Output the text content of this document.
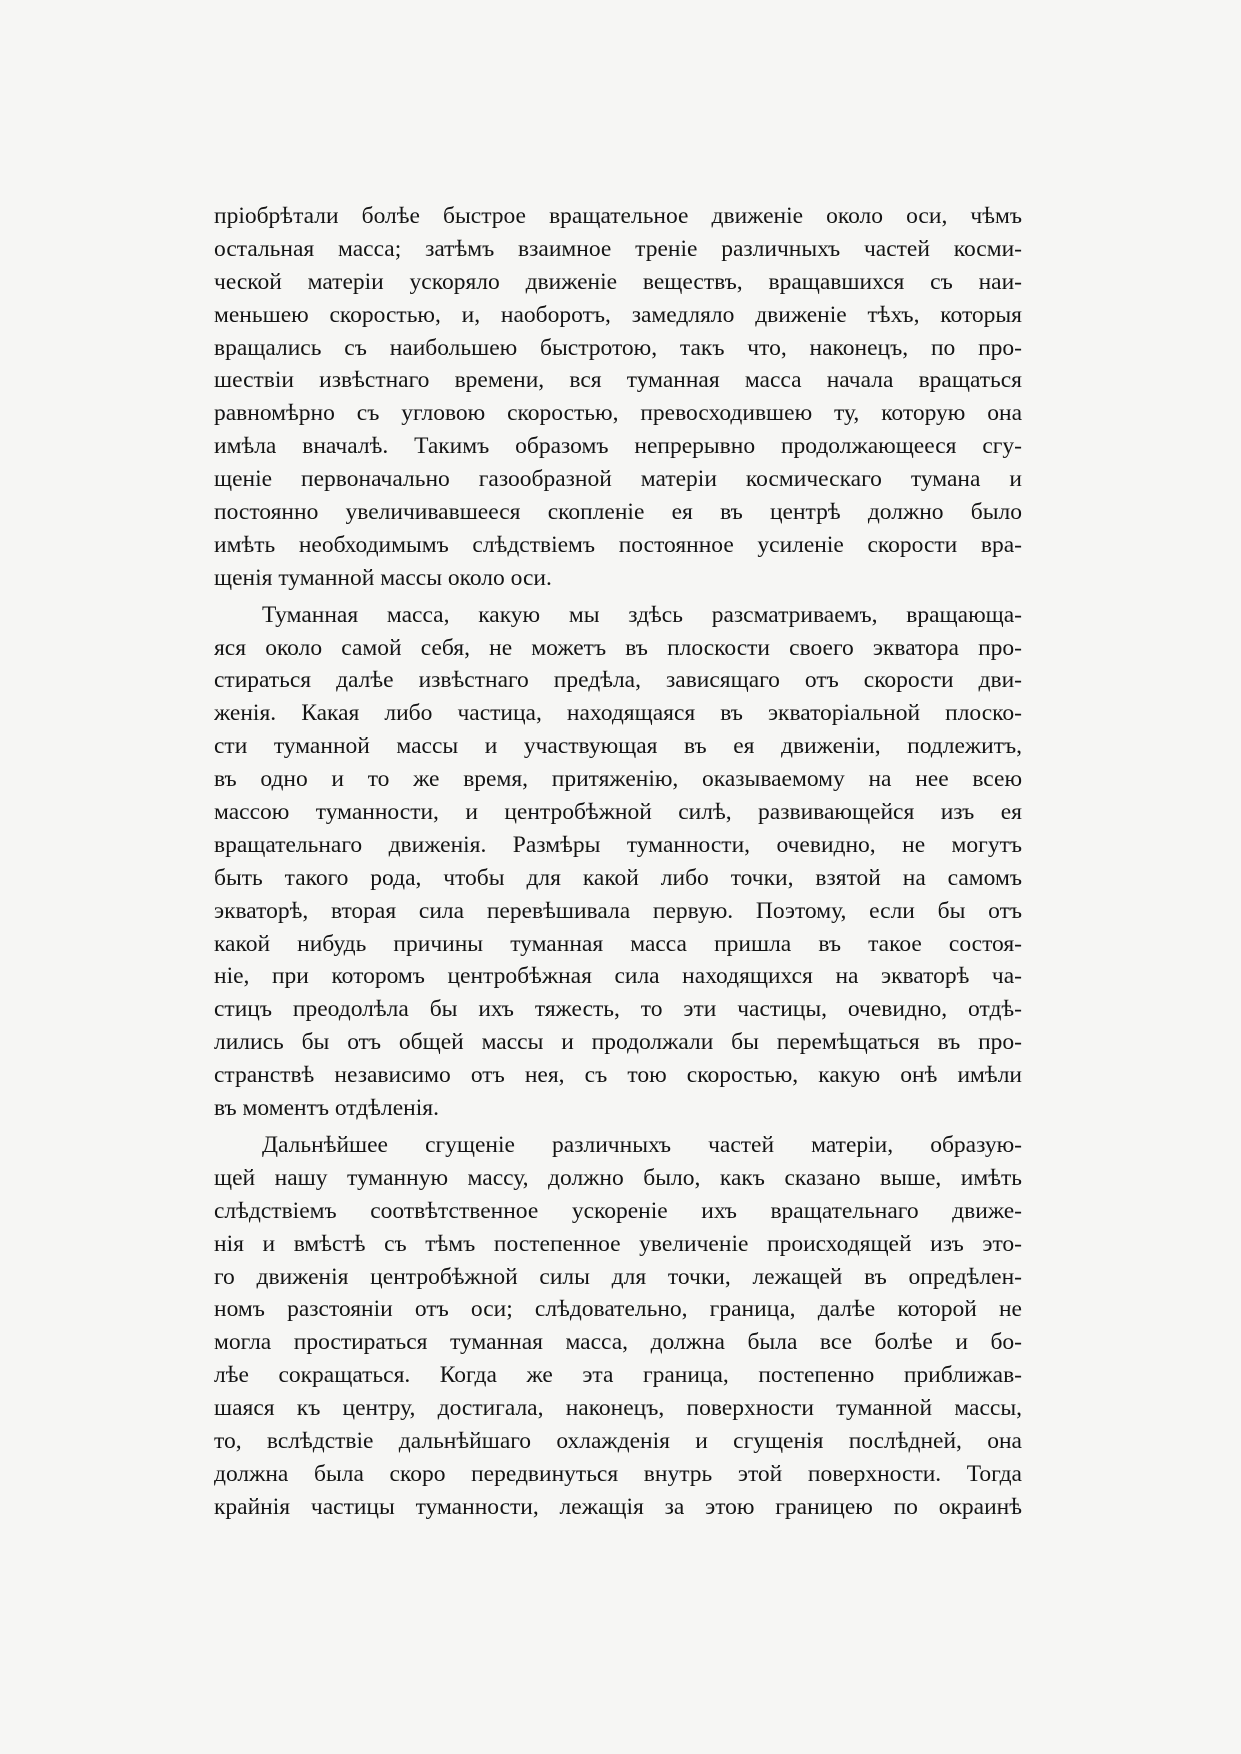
пріобрѣтали болѣе быстрое вращательное движеніе около оси, чѣмъ
остальная масса; затѣмъ взаимное треніе различныхъ частей косми-
ческой матеріи ускоряло движеніе веществъ, вращавшихся съ наи-
меньшею скоростью, и, наоборотъ, замедляло движеніе тѣхъ, которыя
вращались съ наибольшею быстротою, такъ что, наконецъ, по про-
шествіи извѣстнаго времени, вся туманная масса начала вращаться
равномѣрно съ угловою скоростью, превосходившею ту, которую она
имѣла вначалѣ. Такимъ образомъ непрерывно продолжающееся сгу-
щеніе первоначально газообразной матеріи космическаго тумана и
постоянно увеличивавшееся скопленіе ея въ центрѣ должно было
имѣть необходимымъ слѣдствіемъ постоянное усиленіе скорости вра-
щенія туманной массы около оси.
Туманная масса, какую мы здѣсь разсматриваемъ, вращающа-
яся около самой себя, не можетъ въ плоскости своего экватора про-
стираться далѣе извѣстнаго предѣла, зависящаго отъ скорости дви-
женія. Какая либо частица, находящаяся въ экваторіальной плоско-
сти туманной массы и участвующая въ ея движеніи, подлежитъ,
въ одно и то же время, притяженію, оказываемому на нее всею
массою туманности, и центробѣжной силѣ, развивающейся изъ ея
вращательнаго движенія. Размѣры туманности, очевидно, не могутъ
быть такого рода, чтобы для какой либо точки, взятой на самомъ
экваторѣ, вторая сила перевѣшивала первую. Поэтому, если бы отъ
какой нибудь причины туманная масса пришла въ такое состоя-
ніе, при которомъ центробѣжная сила находящихся на экваторѣ ча-
стицъ преодолѣла бы ихъ тяжесть, то эти частицы, очевидно, отдѣ-
лились бы отъ общей массы и продолжали бы перемѣщаться въ про-
странствѣ независимо отъ нея, съ тою скоростью, какую онѣ имѣли
въ моментъ отдѣленія.
Дальнѣйшее сгущеніе различныхъ частей матеріи, образую-
щей нашу туманную массу, должно было, какъ сказано выше, имѣть
слѣдствіемъ соотвѣтственное ускореніе ихъ вращательнаго движе-
нія и вмѣстѣ съ тѣмъ постепенное увеличеніе происходящей изъ это-
го движенія центробѣжной силы для точки, лежащей въ опредѣлен-
номъ разстояніи отъ оси; слѣдовательно, граница, далѣе которой не
могла простираться туманная масса, должна была все болѣе и бо-
лѣе сокращаться. Когда же эта граница, постепенно приближав-
шаяся къ центру, достигала, наконецъ, поверхности туманной массы,
то, вслѣдствіе дальнѣйшаго охлажденія и сгущенія послѣдней, она
должна была скоро передвинуться внутрь этой поверхности. Тогда
крайнія частицы туманности, лежащія за этою границею по окраинѣ
